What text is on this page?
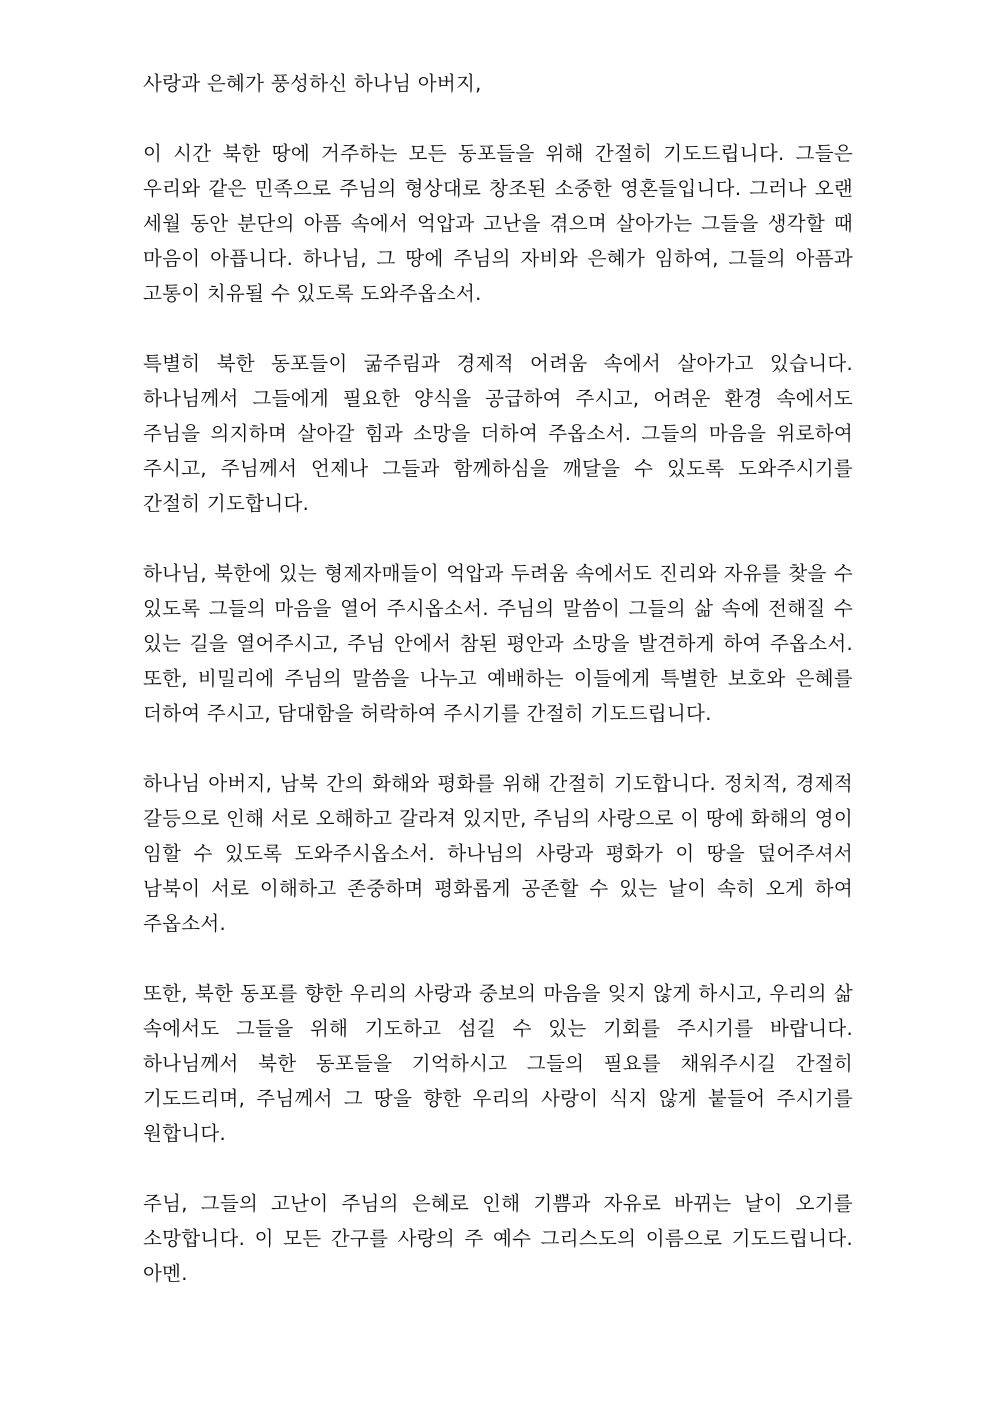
사랑과 은혜가 풍성하신 하나님 아버지,

이 시간 북한 땅에 거주하는 모든 동포들을 위해 간절히 기도드립니다. 그들은 우리와 같은 민족으로 주님의 형상대로 창조된 소중한 영혼들입니다. 그러나 오랜 세월 동안 분단의 아픔 속에서 억압과 고난을 겪으며 살아가는 그들을 생각할 때 마음이 아픕니다. 하나님, 그 땅에 주님의 자비와 은혜가 임하여, 그들의 아픔과 고통이 치유될 수 있도록 도와주옵소서.

특별히 북한 동포들이 굶주림과 경제적 어려움 속에서 살아가고 있습니다. 하나님께서 그들에게 필요한 양식을 공급하여 주시고, 어려운 환경 속에서도 주님을 의지하며 살아갈 힘과 소망을 더하여 주옵소서. 그들의 마음을 위로하여 주시고, 주님께서 언제나 그들과 함께하심을 깨달을 수 있도록 도와주시기를 간절히 기도합니다.

하나님, 북한에 있는 형제자매들이 억압과 두려움 속에서도 진리와 자유를 찾을 수 있도록 그들의 마음을 열어 주시옵소서. 주님의 말씀이 그들의 삶 속에 전해질 수 있는 길을 열어주시고, 주님 안에서 참된 평안과 소망을 발견하게 하여 주옵소서. 또한, 비밀리에 주님의 말씀을 나누고 예배하는 이들에게 특별한 보호와 은혜를 더하여 주시고, 담대함을 허락하여 주시기를 간절히 기도드립니다.

하나님 아버지, 남북 간의 화해와 평화를 위해 간절히 기도합니다. 정치적, 경제적 갈등으로 인해 서로 오해하고 갈라져 있지만, 주님의 사랑으로 이 땅에 화해의 영이 임할 수 있도록 도와주시옵소서. 하나님의 사랑과 평화가 이 땅을 덮어주셔서 남북이 서로 이해하고 존중하며 평화롭게 공존할 수 있는 날이 속히 오게 하여 주옵소서.

또한, 북한 동포를 향한 우리의 사랑과 중보의 마음을 잊지 않게 하시고, 우리의 삶 속에서도 그들을 위해 기도하고 섬길 수 있는 기회를 주시기를 바랍니다. 하나님께서 북한 동포들을 기억하시고 그들의 필요를 채워주시길 간절히 기도드리며, 주님께서 그 땅을 향한 우리의 사랑이 식지 않게 붙들어 주시기를 원합니다.

주님, 그들의 고난이 주님의 은혜로 인해 기쁨과 자유로 바뀌는 날이 오기를 소망합니다. 이 모든 간구를 사랑의 주 예수 그리스도의 이름으로 기도드립니다. 아멘.
